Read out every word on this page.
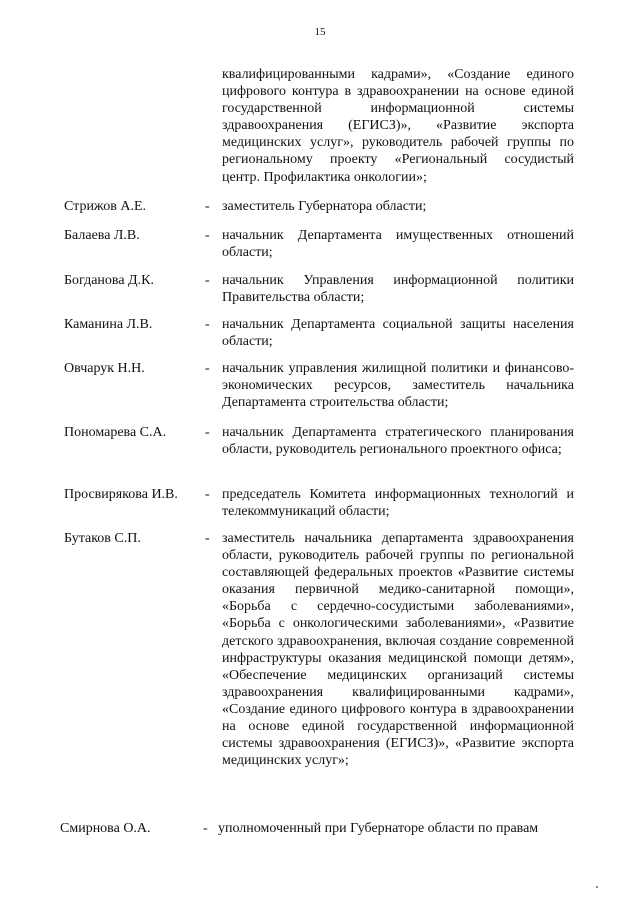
15
квалифицированными кадрами», «Создание единого цифрового контура в здравоохранении на основе единой государственной информационной системы здравоохранения (ЕГИСЗ)», «Развитие экспорта медицинских услуг», руководитель рабочей группы по региональному проекту «Региональный сосудистый центр. Профилактика онкологии»;
Стрижов А.Е.	- заместитель Губернатора области;
Балаева Л.В.	- начальник Департамента имущественных отношений области;
Богданова Д.К.	- начальник Управления информационной политики Правительства области;
Каманина Л.В.	- начальник Департамента социальной защиты населения области;
Овчарук Н.Н.	- начальник управления жилищной политики и финансово-экономических ресурсов, заместитель начальника Департамента строительства области;
Пономарева С.А.	- начальник Департамента стратегического планирования области, руководитель регионального проектного офиса;
Просвирякова И.В. - председатель Комитета информационных технологий и телекоммуникаций области;
Бутаков С.П.	- заместитель начальника департамента здравоохранения области, руководитель рабочей группы по региональной составляющей федеральных проектов «Развитие системы оказания первичной медико-санитарной помощи», «Борьба с сердечно-сосудистыми заболеваниями», «Борьба с онкологическими заболеваниями», «Развитие детского здравоохранения, включая создание современной инфраструктуры оказания медицинской помощи детям», «Обеспечение медицинских организаций системы здравоохранения квалифицированными кадрами», «Создание единого цифрового контура в здравоохранении на основе единой государственной информационной системы здравоохранения (ЕГИСЗ)», «Развитие экспорта медицинских услуг»;
Смирнова О.А.	- уполномоченный при Губернаторе области по правам
